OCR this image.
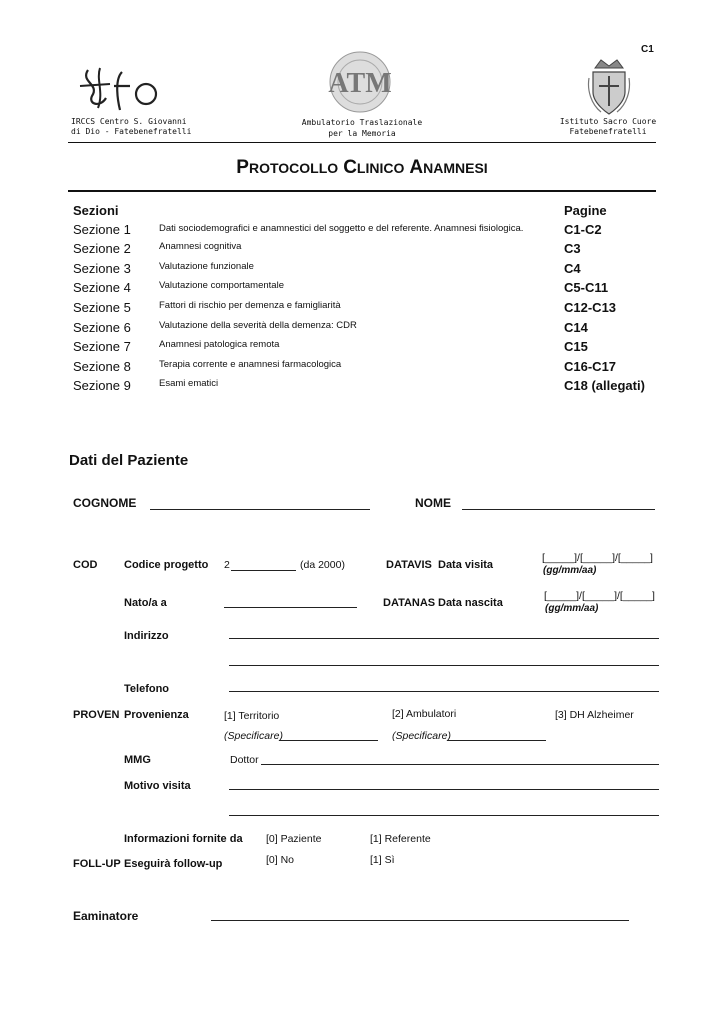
C1
IRCCS Centro S. Giovanni
di Dio - Fatebenefratelli
ATM
Ambulatorio Traslazionale
per la Memoria
Istituto Sacro Cuore
Fatebenefratelli
PROTOCOLLO CLINICO ANAMNESI
Sezioni	Pagine
Sezione 1	Dati sociodemografici e anamnestici del soggetto e del referente. Anamnesi fisiologica.	C1-C2
Sezione 2	Anamnesi cognitiva	C3
Sezione 3	Valutazione funzionale	C4
Sezione 4	Valutazione comportamentale	C5-C11
Sezione 5	Fattori di rischio per demenza e famigliarità	C12-C13
Sezione 6	Valutazione della severità della demenza: CDR	C14
Sezione 7	Anamnesi patologica remota	C15
Sezione 8	Terapia corrente e anamnesi farmacologica	C16-C17
Sezione 9	Esami ematici	C18 (allegati)
Dati del Paziente
COGNOME	NOME
COD Codice progetto 2	(da 2000)	DATAVIS Data visita
[_____]/[_____]/[_____]
(gg/mm/aa)
Nato/a a	DATANAS Data nascita
[_____]/[_____]/[_____]
(gg/mm/aa)
Indirizzo
Telefono
PROVEN Provenienza	[1] Territorio	[2] Ambulatori	[3] DH Alzheimer
(Specificare)	(Specificare)
MMG	Dottor
Motivo visita
Informazioni fornite da [0] Paziente	[1] Referente
FOLL-UP Eseguirà follow-up	[0] No	[1] Sì
Eaminatore
